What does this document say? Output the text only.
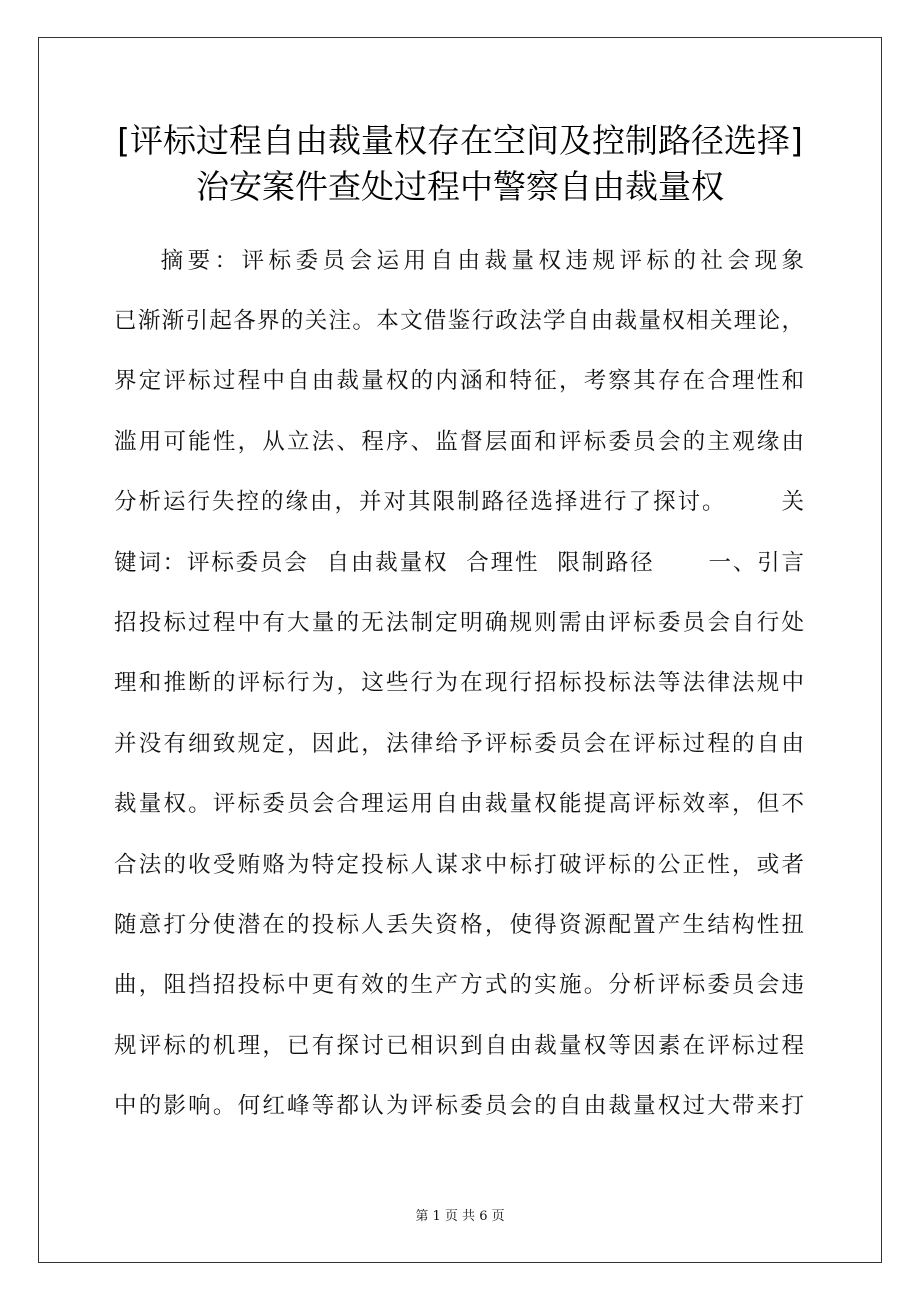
[评标过程自由裁量权存在空间及控制路径选择]
治安案件查处过程中警察自由裁量权
摘要：评标委员会运用自由裁量权违规评标的社会现象
已渐渐引起各界的关注。本文借鉴行政法学自由裁量权相关理论，
界定评标过程中自由裁量权的内涵和特征，考察其存在合理性和
滥用可能性，从立法、程序、监督层面和评标委员会的主观缘由
分析运行失控的缘由，并对其限制路径选择进行了探讨。      关
键词：评标委员会  自由裁量权  合理性  限制路径      一、引言
招投标过程中有大量的无法制定明确规则需由评标委员会自行处
理和推断的评标行为，这些行为在现行招标投标法等法律法规中
并没有细致规定，因此，法律给予评标委员会在评标过程的自由
裁量权。评标委员会合理运用自由裁量权能提高评标效率，但不
合法的收受贿赂为特定投标人谋求中标打破评标的公正性，或者
随意打分使潜在的投标人丢失资格，使得资源配置产生结构性扭
曲，阻挡招投标中更有效的生产方式的实施。分析评标委员会违
规评标的机理，已有探讨已相识到自由裁量权等因素在评标过程
中的影响。何红峰等都认为评标委员会的自由裁量权过大带来打
第 1 页 共 6 页
